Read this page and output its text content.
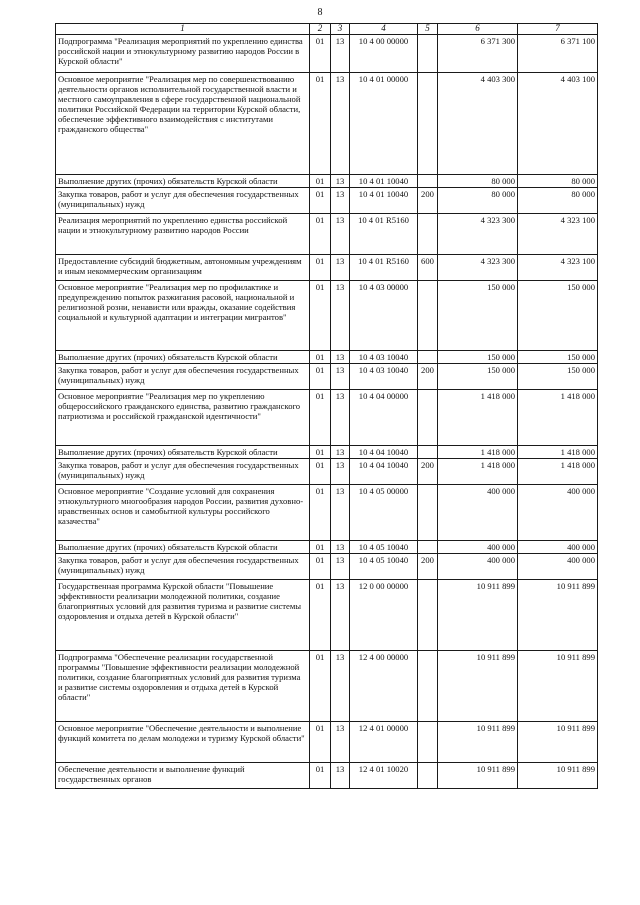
8
1	2	3	4	5	6	7
Подпрограмма "Реализация мероприятий по укреплению единства российской нации и этнокультурному развитию народов России в Курской области"	01	13	10 4 00 00000		6 371 300	6 371 100
Основное мероприятие "Реализация мер по совершенствованию деятельности органов исполнительной государственной власти и местного самоуправления в сфере государственной национальной политики Российской Федерации на территории Курской области, обеспечение эффективного взаимодействия с институтами гражданского общества"	01	13	10 4 01 00000		4 403 300	4 403 100
Выполнение других (прочих) обязательств Курской области	01	13	10 4 01 10040		80 000	80 000
Закупка товаров, работ и услуг для обеспечения государственных (муниципальных) нужд	01	13	10 4 01 10040	200	80 000	80 000
Реализация мероприятий по укреплению единства российской нации и этнокультурному развитию народов России	01	13	10 4 01 R5160		4 323 300	4 323 100
Предоставление субсидий бюджетным, автономным учреждениям и иным некоммерческим организациям	01	13	10 4 01 R5160	600	4 323 300	4 323 100
Основное мероприятие "Реализация мер по профилактике и предупреждению попыток разжигания расовой, национальной и религиозной розни, ненависти или вражды, оказание содействия социальной и культурной адаптации и интеграции мигрантов"	01	13	10 4 03 00000		150 000	150 000
Выполнение других (прочих) обязательств Курской области	01	13	10 4 03 10040		150 000	150 000
Закупка товаров, работ и услуг для обеспечения государственных (муниципальных) нужд	01	13	10 4 03 10040	200	150 000	150 000
Основное мероприятие "Реализация мер по укреплению общероссийского гражданского единства, развитию гражданского патриотизма и российской гражданской идентичности"	01	13	10 4 04 00000		1 418 000	1 418 000
Выполнение других (прочих) обязательств Курской области	01	13	10 4 04 10040		1 418 000	1 418 000
Закупка товаров, работ и услуг для обеспечения государственных (муниципальных) нужд	01	13	10 4 04 10040	200	1 418 000	1 418 000
Основное мероприятие "Создание условий для сохранения этнокультурного многообразия народов России, развития духовно-нравственных основ и самобытной культуры российского казачества"	01	13	10 4 05 00000		400 000	400 000
Выполнение других (прочих) обязательств Курской области	01	13	10 4 05 10040		400 000	400 000
Закупка товаров, работ и услуг для обеспечения государственных (муниципальных) нужд	01	13	10 4 05 10040	200	400 000	400 000
Государственная программа Курской области "Повышение эффективности реализации молодежной политики, создание благоприятных условий для развития туризма и развитие системы оздоровления и отдыха детей в Курской области"	01	13	12 0 00 00000		10 911 899	10 911 899
Подпрограмма "Обеспечение реализации государственной программы "Повышение эффективности реализации молодежной политики, создание благоприятных условий для развития туризма и развитие системы оздоровления и отдыха детей в Курской области"	01	13	12 4 00 00000		10 911 899	10 911 899
Основное мероприятие "Обеспечение деятельности и выполнение функций комитета по делам молодежи и туризму Курской области"	01	13	12 4 01 00000		10 911 899	10 911 899
Обеспечение деятельности и выполнение функций государственных органов	01	13	12 4 01 10020		10 911 899	10 911 899
